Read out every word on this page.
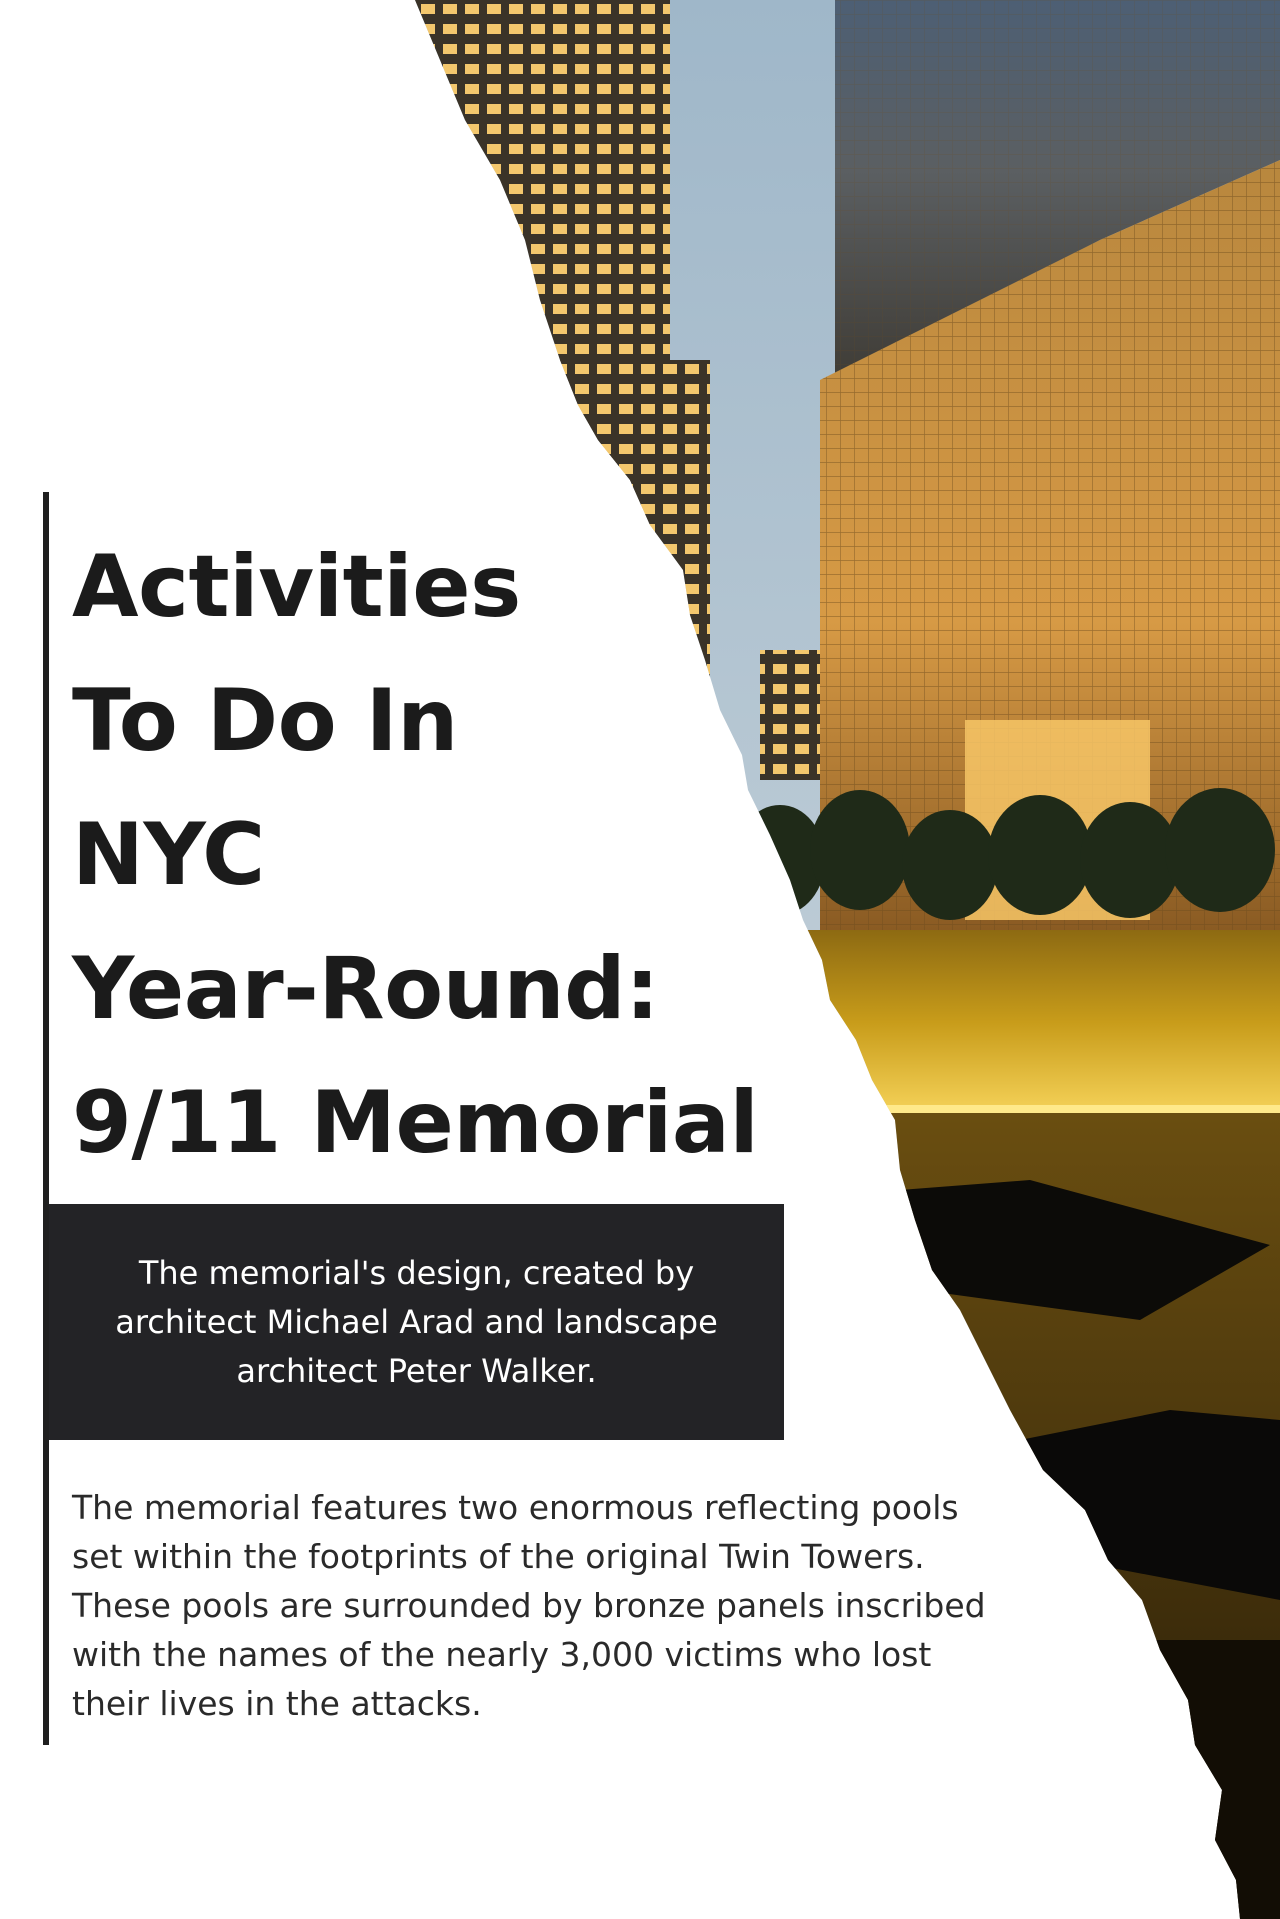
Activities
To Do In
NYC
Year-Round:
9/11 Memorial
The memorial's design, created by architect Michael Arad and landscape architect Peter Walker.

The memorial features two enormous reflecting pools
set within the footprints of the original Twin Towers.
These pools are surrounded by bronze panels inscribed
with the names of the nearly 3,000 victims who lost
their lives in the attacks.
